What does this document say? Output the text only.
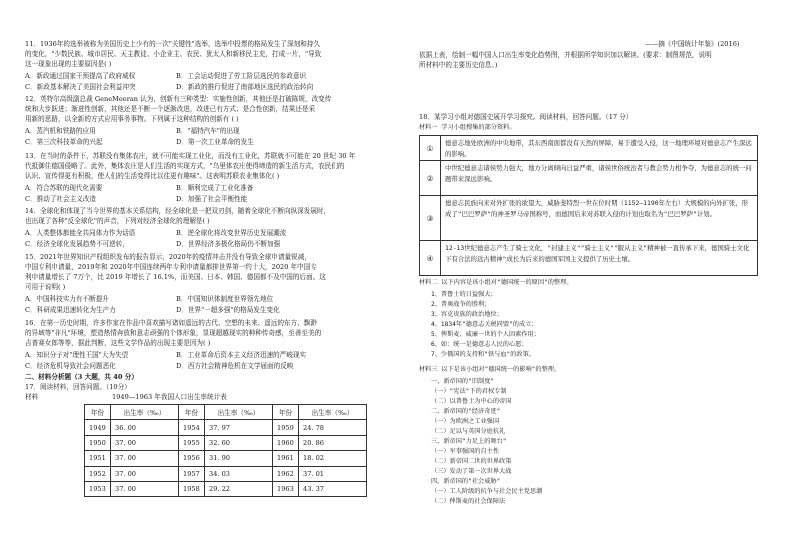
11．1936年的选举被称为美国历史上少有的一次"关键性"选举，选举中投票的格局发生了深刻和持久

的变化，"少数民族、城市居民、天主教徒、小企业主、农民、犹太人和新移民主充，打成一片，"导致

这一现象出现的主要原因是( )

A．新政通过国家干预提高了政府威权	B．工会运动促进了劳工阶层选民的参政意识
C．新政基本解决了美国社会利益冲突	D．新政的推行促进了南部地区选民的政治转向

12．英特尔高级副总裁 GeneMeeran 认为，创新有三种类型：实施性创新，其他还是打破陈规，改变传

统和大步跃进；渐进性创新，其他还是不断一个逐渐改进，改进已有方式；是合性创新，结果还是采

用新的思路，以全新的方式应用事务事物。下列属于这种结构的创新有 ( )

A．蒸汽机和铁路的应用	B．"福特汽车"的出现
C．第三次科技革命的兴起	D．第一次工业革命的发生

13．在当时的条件下，苏联没有集体农庄，就不可能实现工业化，而没有工业化，苏联就不可能在 20 世纪 30 年

代抵御住德国侵略了。此外，集体农庄是人们生活的实现方式，"乌里体农庄使得缔造的新生活方式，农民们的

认识、宣传得更有积极，使人们的生活变得比以往更有趣味"。这表明苏联农业集体化( )

A．符合苏联的现代化需要	B．顺利完成了工业化准备
C．推动了社会主义改造	D．加强了社会平衡性能

14．全球化和体现了当今世界的基本关系结构，经全球化是一把双刃剑，随着全球化不断向纵深发展时，

也出现了各种"反全球化"的声音，下列对经济全球化的理解是( )

A．人类整体都能全共同体力作为话语	B．逆全球化将改变世界历史发展潮流
C．经济全球化发展趋势不可逆转，	D．世界经济多极化格局仍不断加强

15．2021年世界知识产权组织发布的报告显示，2020年的疫情冲击并没有导致全球申请量锐减，

中国专利申请量，2019年和 2020年中国连续两年专利申请量都排世界第一约十大，2020 年中国专

利申请量增长了 7万个，比 2019 年增长了 16.1%，而美国、日本、韩国、德国都不及中国的后面。这

可用于说明( )

A．中国科技实力有不断提升	B．中国知识体制度世界领先地位
C．科研成果迅速转化为生产力	D．世界"一超多强"的格局发生变化

16．在第一历史时期，许多作家在作品中喜欢描写诸如遥远的古代、空想的未来、遥远的东方、飘渺

的异域等"非凡"环境，塑造热情奔放和意志顽强的个体形象，显现超越现实的种种传奇感，至善至美的

吉普赛女郎等等，据此判断，这些文学作品的出现主要是因为( )

A．知识分子对"理性王国"大为失望	B．工业革命后资本主义经济迅速的严峻现实
C．经济危机导致社会问题恶化	D．西方社会精神危机在文学届面的反映

二、材料分析题（3 大题，共 40 分）

17．阅读材料，回答问题。（10分）

材料	1949—1963 年我国人口出生率统计表
年份	出生率（‰）	年份	出生率（‰）	年份	出生率（‰）
1949	36. 00	1954	37. 97	1959	24. 78
1950	37. 00	1955	32. 60	1960	20. 86
1951	37. 00	1956	31. 90	1961	18. 02
1952	37. 00	1957	34. 03	1962	37. 01
1953	37. 00	1958	29. 22	1963	43. 37

——摘《中国统计年鉴》(2016)

依据上表，绘制一幅中国人口出生率变化趋势图，并根据所学知识加以解读。(要求：制图规范，说明

所材料中的主要历史信息。)

18．某学习小组对德国史展开学习探究。阅读材料，回答问题。（17 分）

材料一 学习小组搜集的部分资料。

①
德意志地处欧洲的中央地带，其东西南面都没有天然的屏障，易于遭受入侵，这一地理环境对德意志产生深远的影响。
②
中世纪德意志诸侯势力强大，地方分离倾向日益严重，诸侯世俗统治者与教会势力相争夺，为德意志的统一问题带来深远影响。
③
德意志民族向来对外扩张的欲望大，威胁斐特烈一世在位时期（1152—1190年左右）大规模的向外扩张，形成了"巴巴罗萨"的神圣罗马帝国称号，而德国后来对苏联入侵的计划也取名为"巴巴罗萨"计划。
④
12-13世纪德意志产生了骑士文化，"封建主义""骑士主义""服从主义"精神被一直传承下来，德国骑士文化下有合法的远古精神"成长为后来的德国军国主义提供了历史土壤。

材料二 以下内容是该小组对"德国统一的原因"的整理。

1、普鲁士的日益强大；

2、普奥战争的胜利；

3、容克贵族的政治地位；

4、1834年"德意志关税同盟"的成立；

5、俾斯麦、威廉一世的个人因素作用；

6、如：统一是德意志人民的心愿；

7、少俄国的支持和"铁与血"的政策。

材料三 以下是该小组对"德国统一的影响"的整理。

一、新帝国的"旧制度"

（一）"宪法"下的君权专制

（二）以普鲁士为中心的帝国

二、新帝国的"经济奇迹"

（一）为欧洲之工业强国

（二）足以与英国分庭抗礼

三、新帝国"力足上的舞台"

（一）军事强国的自主性

（二）新帝国二世的世界政策

（三）发动了第一次世界大战

四、新帝国的"社会威胁"

（一）工人阶级的抗争与社会民主党思潮

（二）俾斯麦的社会保障法
